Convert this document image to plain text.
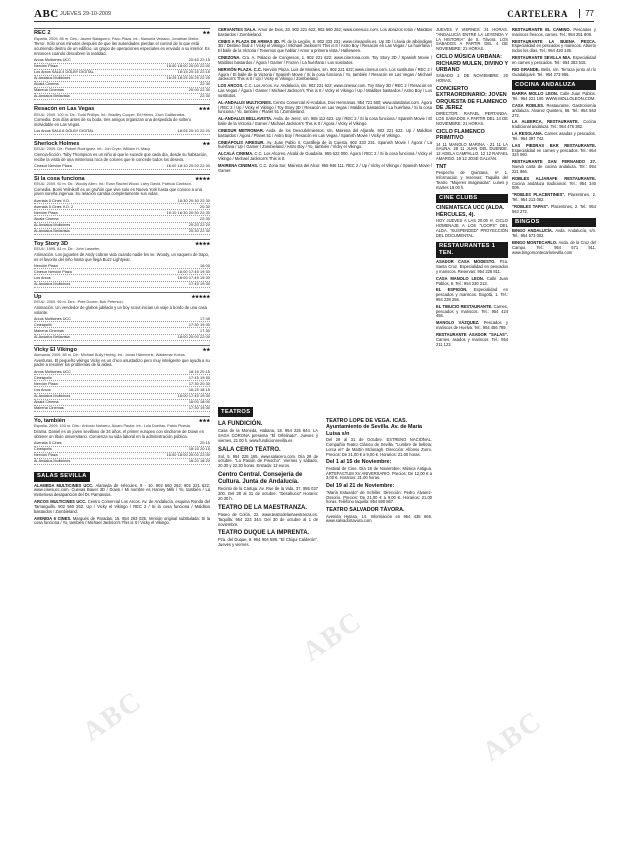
ABC JUEVES 29-10-2009	CARTELERA	77
REC 2	★★
España. 2009. 85 m. Dirs.: Jaume Balagueró, Paco Plaza. Int.: Manuela Velasco, Jonathan Mellor.
Terror. Sólo unos minutos después de que las autoridades pierdan el control de lo que está ocurriendo dentro de un edificio, un grupo de operaciones especiales es enviado a su interior. Es entonces cuando descubren la realidad.
Arcos Multicines UCC	20:45 22:15
Nervión Plaza	16:00 18:00 20:00 22:00
Los Arcos SALA 4 DOLBY DIGITAL	18:15 20:15 22:15
Al-Andalus Multicines	16:25 18:25 20:25 22:25
Alcalá Cinema	22:30
Mairena Cinemas	20:00 22:30
Al-Andalus Bellavista	22:30
Resacón en Las Vegas	★★★
EEUU. 2009. 100 m. Dir.: Todd Phillips. Int.: Bradley Cooper, Ed Helms, Zach Galifianakis.
Comedia. Dos días antes de su boda, tres amigos organizan una despedida de soltero inolvidable en Las Vegas.
Los Arcos SALA 6 DOLBY DIGITAL	18:05 20:10 22:20
Sherlock Holmes	★★
EEUU. 2009. Dir.: Robert Rodríguez. Int.: Jon Cryer, William H. Macy.
Ciencia-ficción. Toby Thompson es un niño al que le sucede que cada día, desde su habitación, recibe la visita de una misteriosa roca de colores que le concede todos los deseos.
Cinesur Nervión Plaza	16:00 18:10 20:20 22:30
Si la cosa funciona	★★★★
EEUU. 2009. 92 m. Dir.: Woody Allen. Int.: Evan Rachel Wood, Larry David, Patricia Clarkson.
Comedia. Boris Yellnikoff es un gruñón que vive solo en Nueva York hasta que conoce a una joven sureña ingenua. Su relación cambia completamente sus vidas.
Avenida 5 Cines V.O.	18:30 20:30 22:30
Avenida 5 Cines V.O. 2	20:30
Nervión Plaza	16:10 18:30 20:30 22:30
Alcalá Cinema	22:30
Al-Andalus Multicines	20:20 22:20
Al-Andalus Bellavista	20:30 22:30
Toy Story 3D	★★★★
EEUU. 1995. 81 m. Dir.: John Lasseter.
Animación. Los juguetes de Andy cobran vida cuando nadie les ve. Woody, un vaquero de trapo, es el favorito del niño hasta que llega Buzz Lightyear.
Nervión Plaza	16:00
Cinesur Nervión Plaza	16:00 17:45 19:30
Los Arcos	16:00 17:45 19:30
Al-Andalus Multicines	17:45 19:30
Up	★★★★★
EEUU. 2009. 96 m. Dirs.: Pete Docter, Bob Peterson.
Animación. Un vendedor de globos jubilado y un boy scout inician un viaje a bordo de una casa volante.
Arcos Multicines UCC	17:45
Cineápolis	17:30 19:30
Mairena Cinemas	17:30
Al-Andalus Bellavista	18:00 20:00 22:00
Vicky El Vikingo	★★
Alemania. 2009. 85 m. Dir.: Michael Bully Herbig. Int.: Jonas Hämmerle, Waldemar Kobus.
Aventuras. El pequeño vikingo Vicky es un chico asustadizo pero muy inteligente que ayuda a su padre a resolver los problemas de la aldea.
Arcos Multicines UCC	18:15 20:15
Cineápolis	17:45 19:30
Nervión Plaza	17:30 20:30
Los Arcos	16:15 18:15
Al-Andalus Multicines	16:00 17:45 19:30
Alcalá Cinema	16:00 18:00
Mairena Cinemas	17:30 19:30
Yo, también	★★★
España. 2009. 103 m. Dirs.: Antonio Naharro, Álvaro Pastor. Int.: Lola Dueñas, Pablo Pineda.
Drama. Daniel es un joven sevillano de 34 años, el primer europeo con síndrome de Down en obtener un título universitario. Comienza su vida laboral en la administración pública.
Avenida 5 Cines	20:15
Cineápolis	18:15 20:15
Nervión Plaza	16:00 18:00 20:00 22:00
Al-Andalus Multicines	16:20 18:20
SALAS SEVILLA

ALAMEDA MULTICINES UCC. Alameda de Hércules, 9 - 10. 902 560 262; 902 221 622; www.cinesucc.com. Cuevas Bauer 3D / Down / Mi nombre es Harvey Milk / Yo, también / La misteriosa desaparición del Dr. Parnassus.

ARCOS MULTICINES UCC. Centro Comercial Los Arcos. Av. de Andalucía, esquina Ronda del Tamarguillo. 902 560 262. Up / Vicky el Vikingo / REC 2 / Si la cosa funciona / Malditos bastardos / Zombieland.

AVENIDA 5 CINES. Marqués de Paradas, 15. 954 293 025. Versión original subtitulada: Si la cosa funciona / Yo, también / Michael Jackson's This is It / Vicky el Vikingo.

CERVANTES SALA. Amor de Dios, 33. 902 221 622; 902 560 262; www.cinesucc.com. Los abrazos rotos / Malditos bastardos / Zombieland.

CINES A PLAZA DE ARMAS 3D. Pl. de la Legión, 8. 902 333 231; www.cineapolis.es. Up 3D / Lluvia de albóndigas 3D / Destino final 4 / Vicky el Vikingo / Michael Jackson's This is It / Astro Boy / Resacón en Las Vegas / La huérfana / El baile de la Victoria / Tenemos que hablar / Amor a primera vista / Halloween.

CINEZONA. Cra. A. Palacio de Congresos, 1. 902 221 622; www.cinezona.com. Toy Story 3D / Spanish Movie / Malditos bastardos / Ágora / Gamer / Frozen / La huérfana / Los sustitutos.

NERVIÓN PLAZA. C.C. Nervión Plaza. Luis de Morales, s/n. 902 221 622; www.cinesur.com. Los sustitutos / REC 2 / Ágora / El baile de la Victoria / Spanish Movie / Si la cosa funciona / Yo, también / Resacón en Las Vegas / Michael Jackson's This is It / Up / Vicky el Vikingo / Zombieland.

LOS ARCOS. C.C. Los Arcos. Av. Andalucía, s/n. 902 221 622; www.cinesur.com. Toy Story 3D / REC 2 / Resacón en Las Vegas / Ágora / Gamer / Michael Jackson's This is It / Vicky el Vikingo / Up / Malditos bastardos / Astro Boy / Los sustitutos.

AL-ANDALUS MULTICINES. Centro Comercial Al-Andalus, Dos Hermanas. 954 721 500; www.alandalus.com. Ágora / REC 2 / Up / Vicky el Vikingo / Toy Story 3D / Resacón en Las Vegas / Malditos bastardos / La huérfana / Si la cosa funciona / Yo, también / Planet 51 / Zombieland.

AL-ANDALUS BELLAVISTA. Avda. de Jerez, s/n. 955 112 622. Up / REC 2 / Si la cosa funciona / Spanish Movie / El baile de la Victoria / Gamer / Michael Jackson's This is It / Ágora / Vicky el Vikingo.

CINESUR METROMAR. Avda. de los Descubrimientos, s/n, Mairena del Aljarafe. 902 221 622. Up / Malditos bastardos / Ágora / Planet 51 / Astro Boy / Resacón en Las Vegas / Spanish Movie / Vicky el Vikingo.

CINEÁPOLIS AIRESUR. Av. Juan Pablo II, Castilleja de la Cuesta. 902 333 231. Spanish Movie / Ágora / La huérfana / Up / Gamer / Zombieland / Astro Boy / Yo, también / Vicky el Vikingo.

ALCALÁ CINEMA. C.C. Los Alcores, Alcalá de Guadaíra. 955 622 000. Ágora / REC 2 / Si la cosa funciona / Vicky el Vikingo / Michael Jackson's This is It.

MAIRENA CINEMAS. C.C. Zona Sur, Mairena del Alcor. 955 946 111. REC 2 / Up / Vicky el Vikingo / Spanish Movie / Gamer.

TEATROS
LA FUNDICIÓN.

Casa de la Moneda, Habana, 18. 954 225 844. LA SAGA CORONA presenta "El Orfelinato". Jueves y viernes, 21.00 h. www.fundicionsevilla.es

SALA CERO TEATRO.

Sol, 5. 954 225 165. www.salacero.com. Día 29 de octubre. "La Pasión de Pinocho". Viernes y sábado, 20.30 y 22.30 horas. Entrada: 12 euros.

Centro Central. Consejería de Cultura. Junta de Andalucía.

Recinto de la Cartuja. Av. Rue de la Vida, 37. 955 037 200. Del 28 al 31 de octubre. "Desahucio" Horario: 20.30 h.

TEATRO DE LA MAESTRANZA.

Paseo de Colón, 22. www.teatrodelamaestranza.es. Taquilla: 954 223 344. Del 30 de octubre al 1 de noviembre.

TEATRO DUQUE LA IMPRENTA.

Pza. del Duque, 9. 954 904 588. "El Chiqui Calderón". Jueves y viernes.

TEATRO LOPE DE VEGA. ICAS. Ayuntamiento de Sevilla. Av. de María Luisa s/n

Del 29 al 31 de Octubre. ESTRENO NACIONAL. Compañía Teatro Clásico de Sevilla. "Lumbre de bellota: Lorca en" de Martín Mclonagh. Dirección: Alfonso Zurro. Precios: De 21,00 € a 9,00 €. Horarios: 21.00 horas.

Del 1 al 15 de Noviembre:

Festival de Cine. Día 18 de Noviembre: Música Antigua. ARTEFACTUM XV ANIVERSARIO. Precios: De 12,00 € a 3,00 €. Horarios: 21.00 horas.

Del 19 al 21 de Noviembre:

"María Estuardo" de Schiller. Dirección: Pedro Álvarez-Ossorio. Precios: De 21,00 € a 9,00 €. Horarios: 21.00 horas. Teléfono taquilla: 954 590 867.

TEATRO SALVADOR TÁVORA.

Avenida Hytasa, 14. Información en 954 435 665. www.salvadortavora.com

JUEVES Y VIERNES: 21 HORAS. "ANDALUCÍA ENTRE LA LEYENDA Y LA HISTORIA" de S. Távora. LOS SÁBADOS A PARTIR DEL 4 DE NOVIEMBRE: 21 HORAS.

CICLO MÚSICA URBANA: RICHARD MULEN, DIVINO Y URBANO

SÁBADO 2 DE NOVIEMBRE: 20 HORAS.

CONCIERTO EXTRAORDINARIO: JOVEN ORQUESTA DE FLAMENCO DE JEREZ

DIRECTOR: RAFAEL PERTANDA. LOS SÁBADOS A PARTIR DEL 14 DE NOVIEMBRE: 21 HORAS.

CICLO FLAMENCO PRIMITIVO

14 11 MANOLO MARINA - 21 11 LA SAÚNA. 28 11 JUAN DEL DUENDE. 12 ADELA CAMPALLO. 12 12 RAFAEL AMARGO. 19 12 JOSÉ GALVÁN.

TNT

Pespecho de Quintana, nº 1. Información y reservas: Taquilla del Teatro. "Mujeres imaginadas". Lunes y martes 19.00 h.

CINE CLUBS
CINEMATECA UCC (ALDA. HÉRCULES, 4).

HOY JUEVES A LAS 20.00 H. CICLO HOMENAJE A LOS "LOOPS" DEL ALDA. "SUSPENDED" PROYECCIÓN DEL DOCUMENTAL.

RESTAURANTES 1 TEN.

ASADOR CASA MODESTO. Pza. Santa Cruz. Especialidad en pescados y mariscos. Reservas: 954 226 811.

CASA MANOLO LEON. Calle Juan Pablos, 8. Tel.: 954 230 213.

EL ESPIGÓN. Especialidad en pescados y mariscos. Bogotá, 1. Tel.: 954 239 256.

EL TIBUCIO RESTAURANTE. Carnes, pescados y mariscos. Tel.: 954 424 456.

MANOLO VÁZQUEZ. Pescados y mariscos de Huelva. Tel.: 954 456 789.

RESTAURANTE ASADOR "SALAS". Carnes, asados y mariscos. Tel.: 954 211 123.

RESTAURANTE EL CAMINO. Pescados y mariscos frescos, carnes. Tel.: 954 251 808.

RESTAURANTE LA BUENA PESCA. Especialidad en pescados y mariscos. Abierto todos los días. Tel.: 954 420 136.

RESTAURANTE SEVILLA MIA. Especialidad en carnes y pescados. Tel.: 954 383 515.

RIO GRANDE. Betis, s/n. Terraza junto al río Guadalquivir. Tel.: 954 273 956.

COCINA ANDALUZA

BARRA MOLLO LEON. Calle Juan Pablos. Tel.: 954 221 100. WWW.MOLLOLEON.COM

CASA ROBLES. Restaurante. Gastronomía andaluza. Álvarez Quintero, 58. Tel.: 954 563 272.

LA ALBERCA, RESTAURANTE. Cocina tradicional andaluza. Tel.: 954 476 382.

LA RESOLANA. Carnes asadas y pescados. Tel.: 954 397 742.

LAS PIEDRAS BAR RESTAURANTE. Especialidad en carnes y pescados. Tel.: 954 324 060.

RESTAURANTE SAN FERNANDO 27. Nueva carta de cocina andaluza. Tel.: 954 221 966.

ROBLES ALJARAFE RESTAURANTE. Cocina andaluza tradicional. Tel.: 954 340 009.

"ROBLES PLACENTINES". Placentines, 2. Tel.: 954 213 062.

"ROBLES TAPAS". Placentines, 2. Tel.: 954 563 272.

BINGOS

BINGO ANDALUCÍA. Avda. Andalucía, s/n. Tel.: 954 573 002.

BINGO MONTECARLO. Avda. de la Cruz del Campo. Tel.: 954 571 911. www.bingomontecarlosevilla.com

ABC
ABC
ABC
